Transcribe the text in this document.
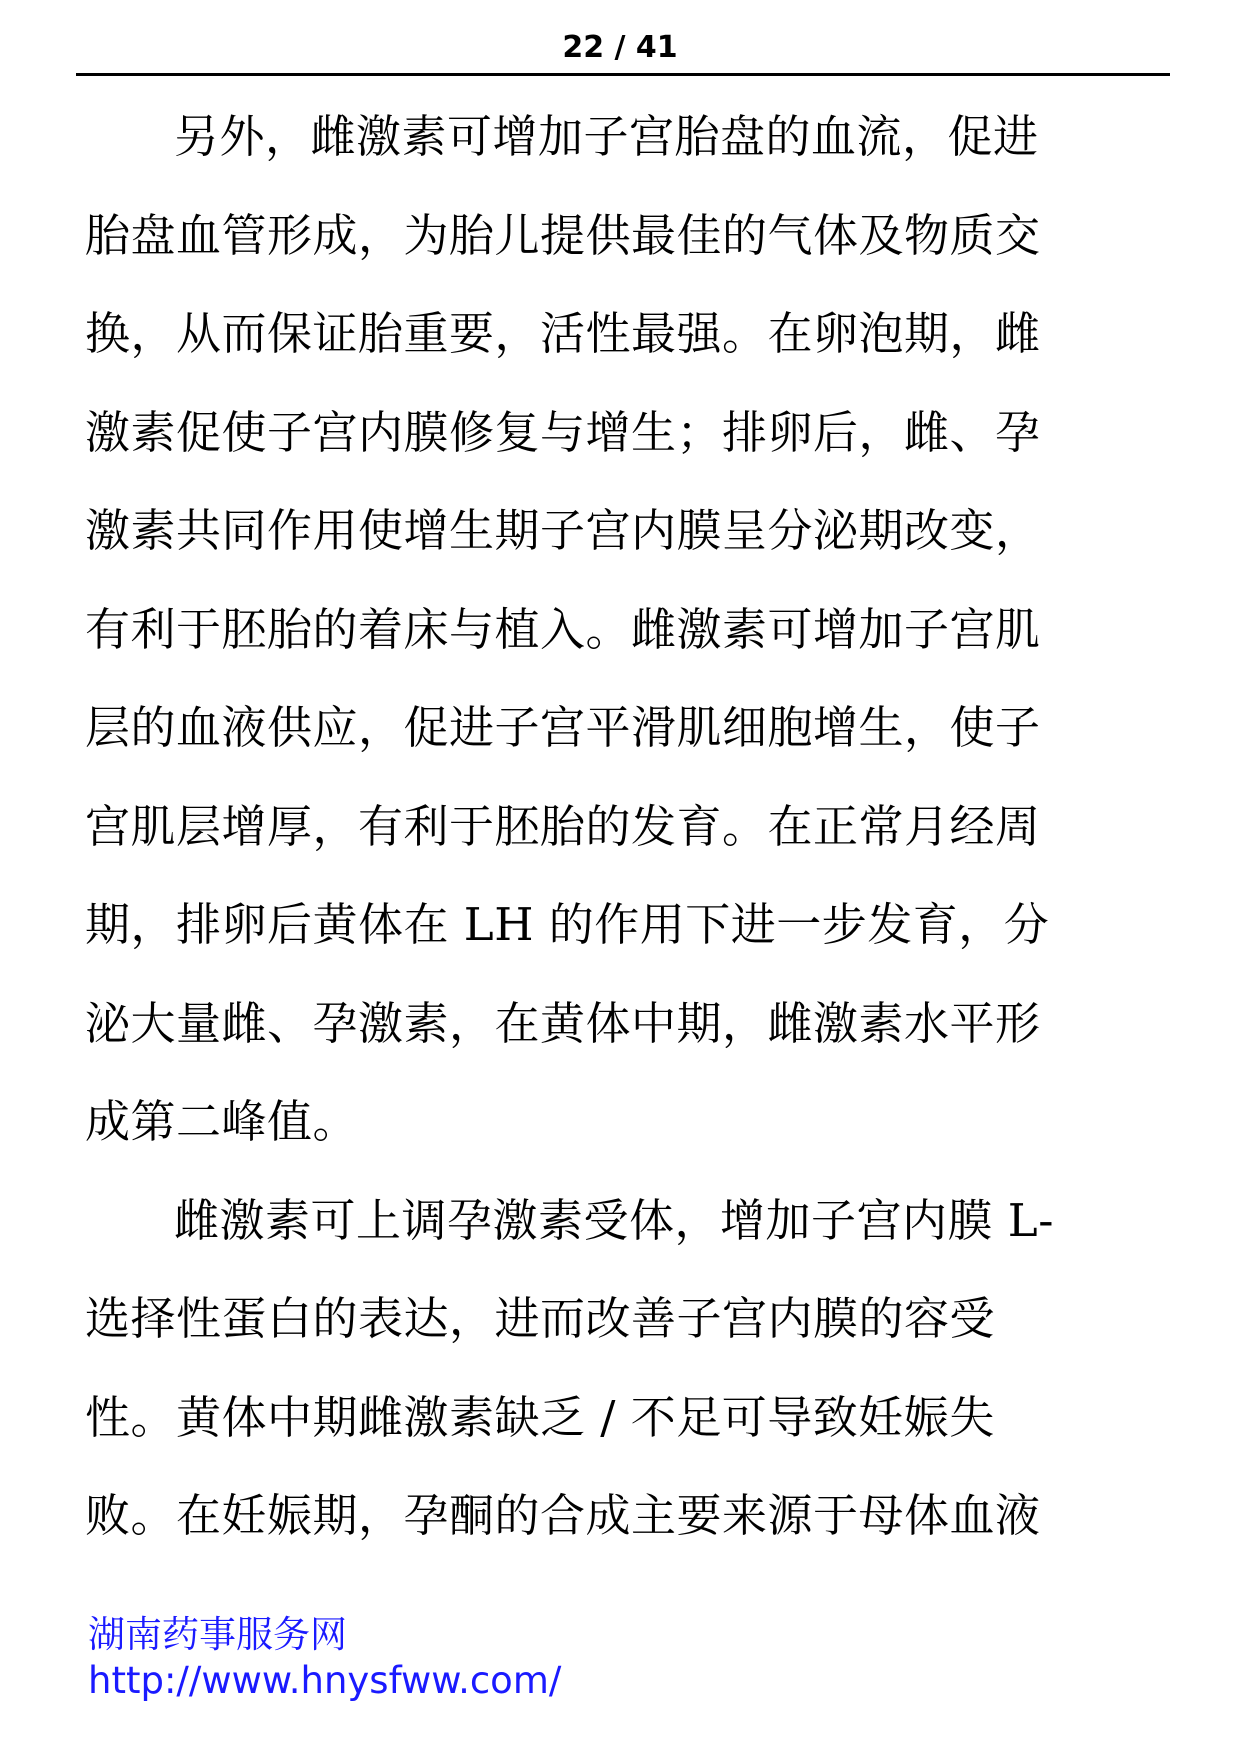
22 / 41
另外，雌激素可增加子宫胎盘的血流，促进
胎盘血管形成，为胎儿提供最佳的气体及物质交
换，从而保证胎重要，活性最强。在卵泡期，雌
激素促使子宫内膜修复与增生；排卵后，雌、孕
激素共同作用使增生期子宫内膜呈分泌期改变，
有利于胚胎的着床与植入。雌激素可增加子宫肌
层的血液供应，促进子宫平滑肌细胞增生，使子
宫肌层增厚，有利于胚胎的发育。在正常月经周
期，排卵后黄体在 LH 的作用下进一步发育，分
泌大量雌、孕激素，在黄体中期，雌激素水平形
成第二峰值。
雌激素可上调孕激素受体，增加子宫内膜 L-
选择性蛋白的表达，进而改善子宫内膜的容受
性。黄体中期雌激素缺乏 / 不足可导致妊娠失
败。在妊娠期，孕酮的合成主要来源于母体血液
湖南药事服务网
http://www.hnysfww.com/
